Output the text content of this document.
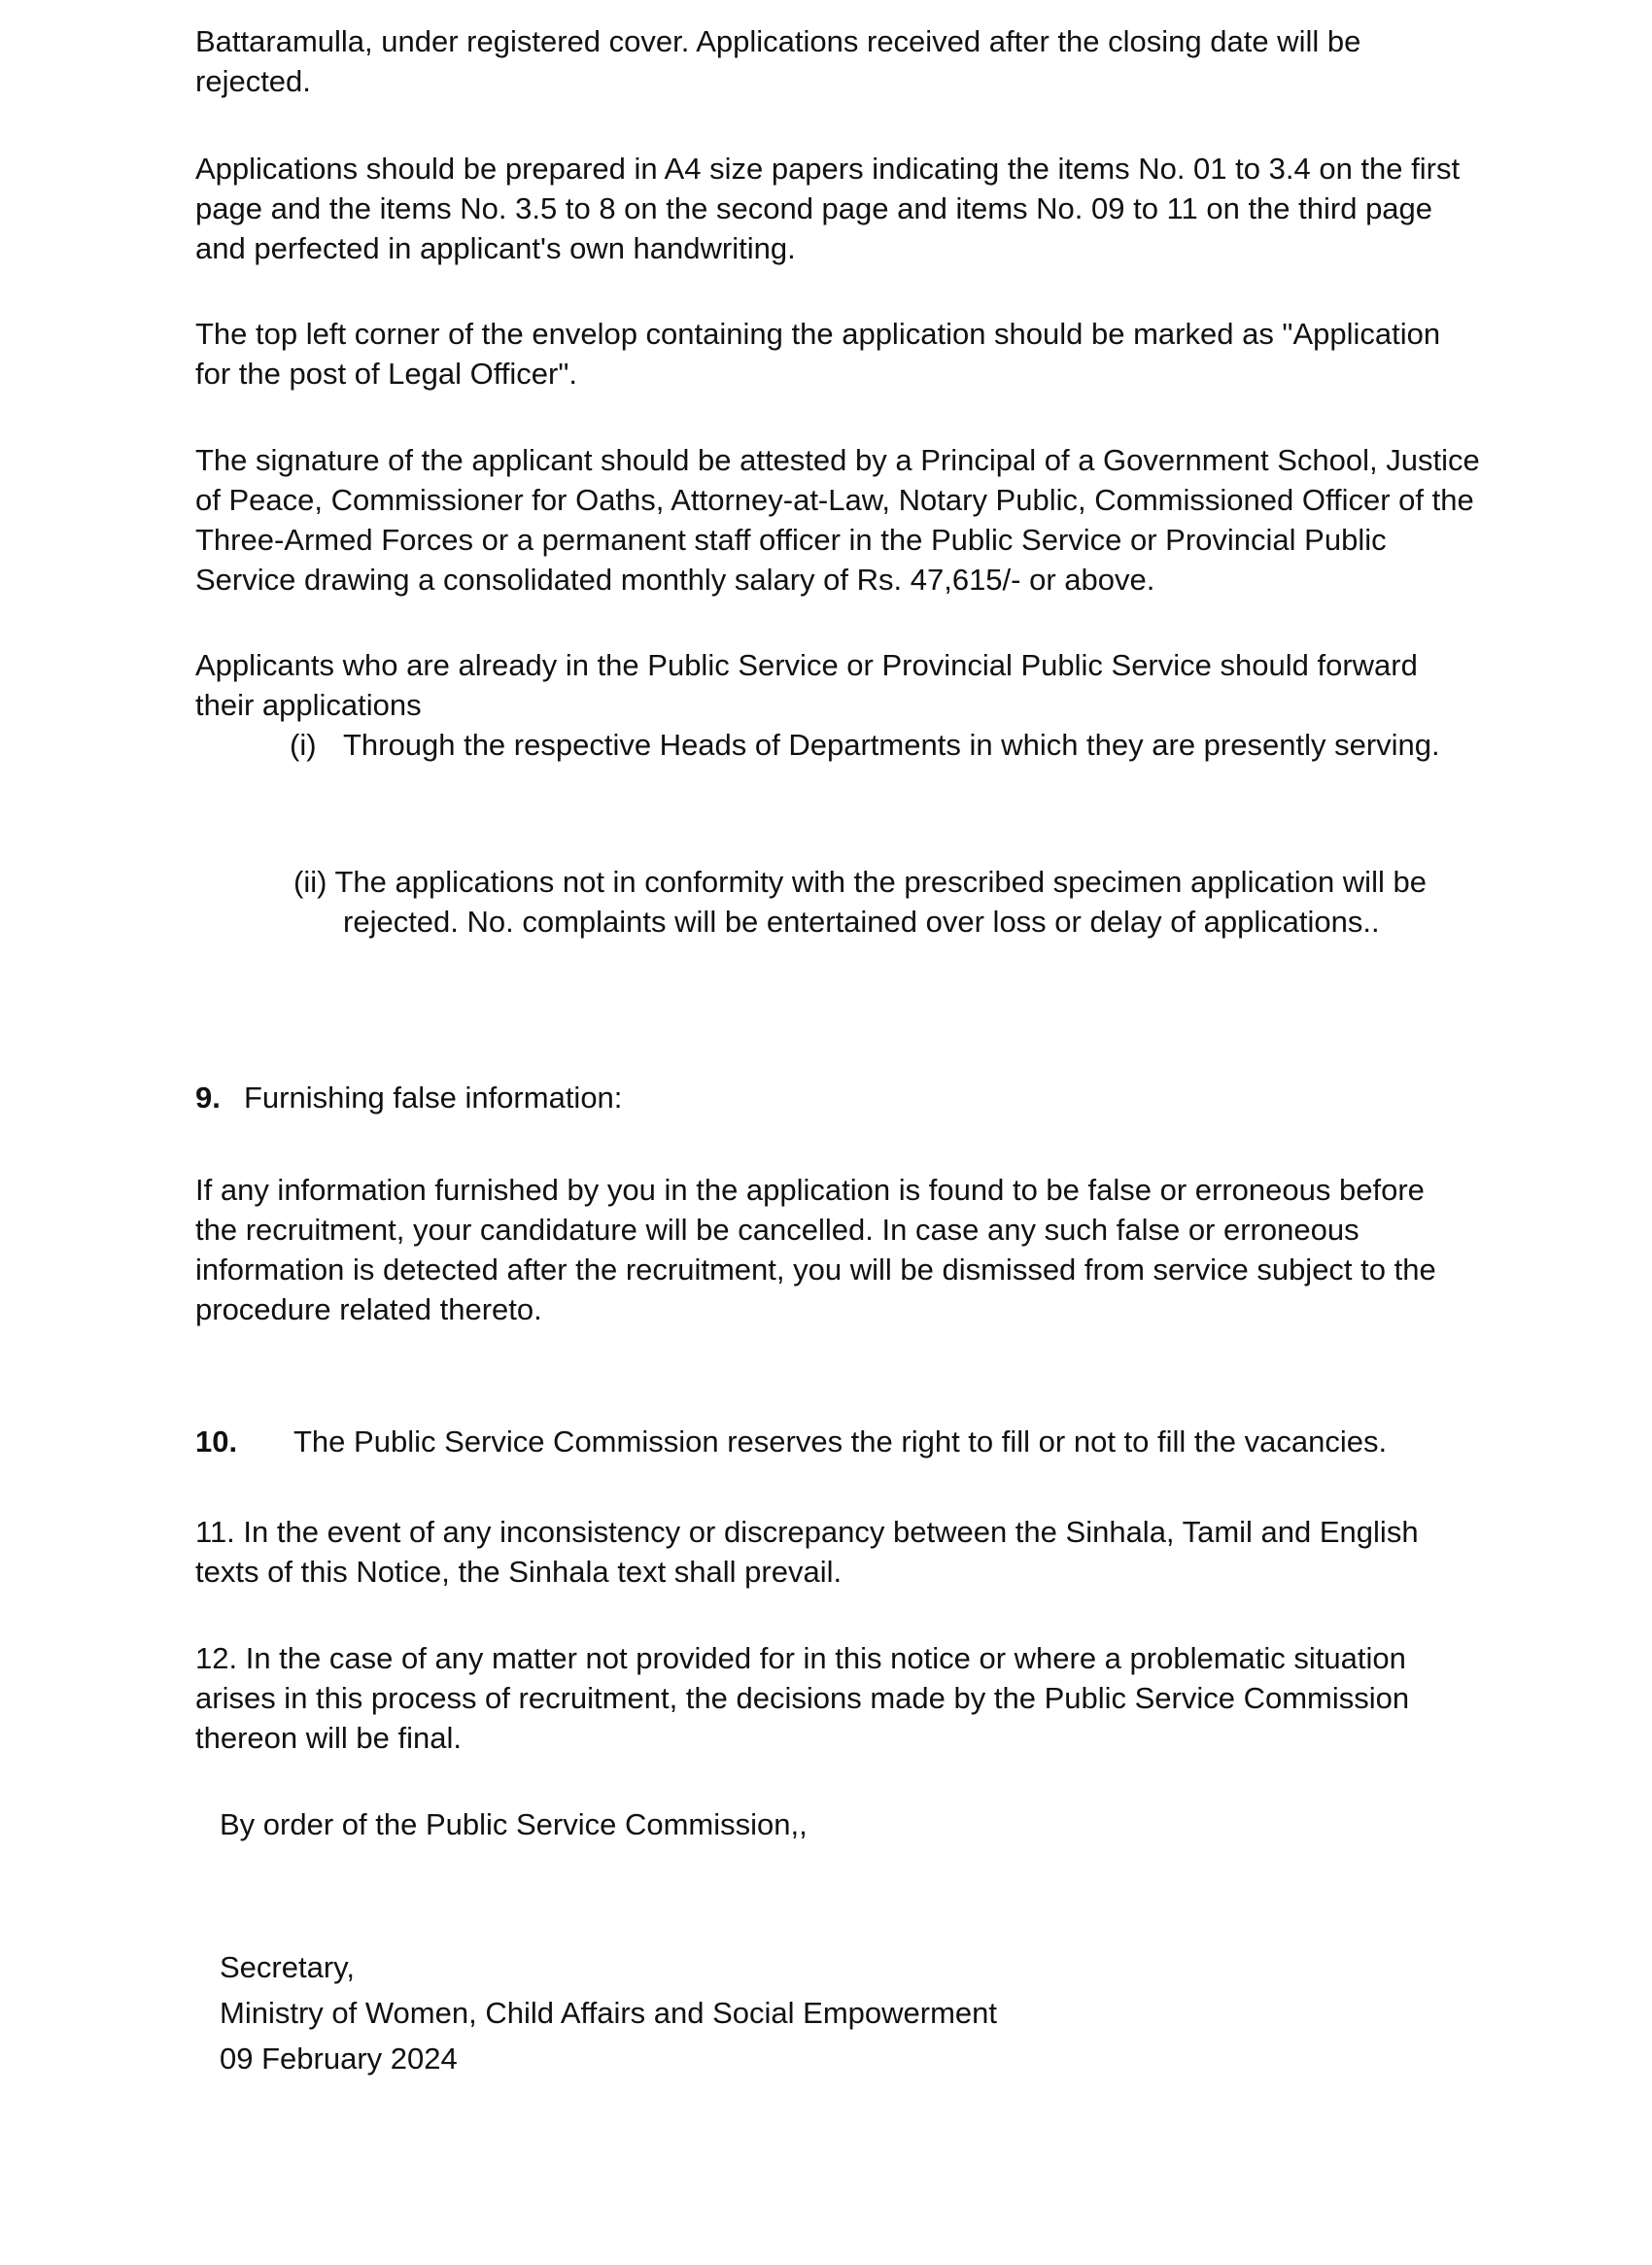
Battaramulla, under registered cover. Applications received after the closing date will be
rejected.

Applications should be prepared in A4 size papers indicating the items No. 01 to 3.4 on the first
page and the items No. 3.5 to 8 on the second page and items No. 09 to 11 on the third page
and perfected in applicant's own handwriting.

The top left corner of the envelop containing the application should be marked as "Application
for the post of Legal Officer".

The signature of the applicant should be attested by a Principal of a Government School, Justice
of Peace, Commissioner for Oaths, Attorney-at-Law, Notary Public, Commissioned Officer of the
Three-Armed Forces or a permanent staff officer in the Public Service or Provincial Public
Service drawing a consolidated monthly salary of Rs. 47,615/- or above.

Applicants who are already in the Public Service or Provincial Public Service should forward
their applications

(i) Through the respective Heads of Departments in which they are presently serving.
(ii) The applications not in conformity with the prescribed specimen application will be
rejected. No. complaints will be entertained over loss or delay of applications..
9. Furnishing false information:

If any information furnished by you in the application is found to be false or erroneous before
the recruitment, your candidature will be cancelled. In case any such false or erroneous
information is detected after the recruitment, you will be dismissed from service subject to the
procedure related thereto.

10. The Public Service Commission reserves the right to fill or not to fill the vacancies.

11. In the event of any inconsistency or discrepancy between the Sinhala, Tamil and English
texts of this Notice, the Sinhala text shall prevail.

12. In the case of any matter not provided for in this notice or where a problematic situation
arises in this process of recruitment, the decisions made by the Public Service Commission
thereon will be final.

By order of the Public Service Commission,,
Secretary,
Ministry of Women, Child Affairs and Social Empowerment
09 February 2024
